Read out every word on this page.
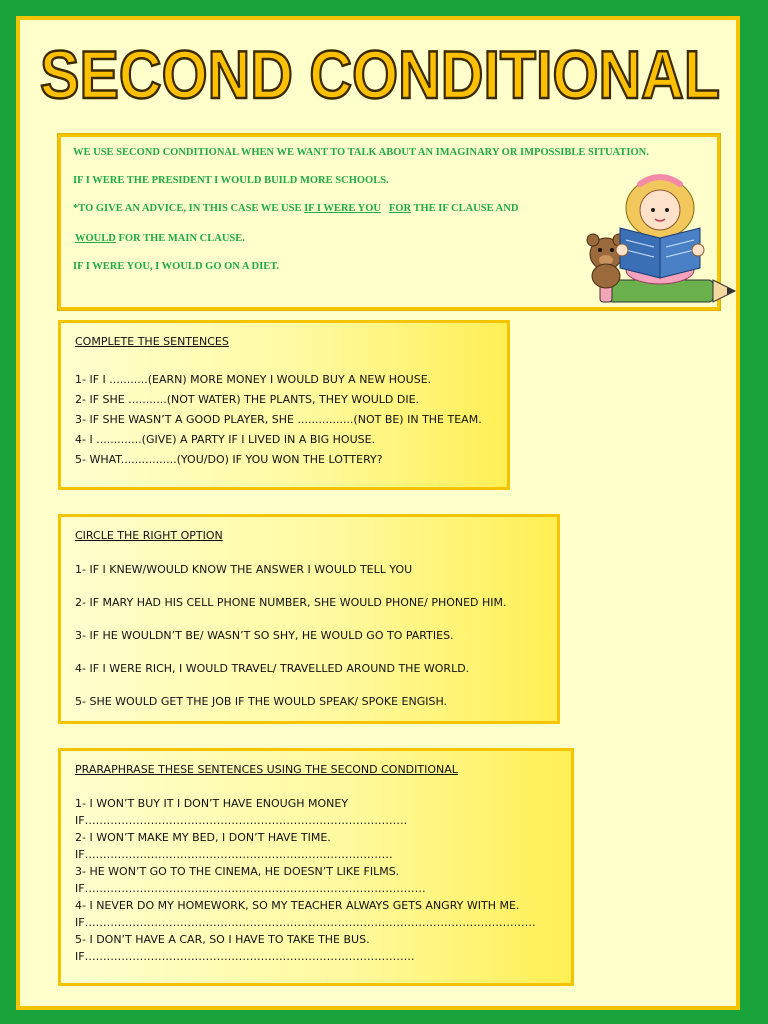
SECOND CONDITIONAL
WE USE SECOND CONDITIONAL WHEN WE WANT TO TALK ABOUT AN IMAGINARY OR IMPOSSIBLE SITUATION.
IF I WERE THE PRESIDENT I WOULD BUILD MORE SCHOOLS.
*TO GIVE AN ADVICE, IN THIS CASE WE USE IF I WERE YOU FOR THE IF CLAUSE AND
WOULD FOR THE MAIN CLAUSE.
IF I WERE YOU, I WOULD GO ON A DIET.
COMPLETE THE SENTENCES
1- IF I ...........(EARN) MORE MONEY I WOULD BUY A NEW HOUSE.
2- IF SHE ...........(NOT WATER) THE PLANTS, THEY WOULD DIE.
3- IF SHE WASN’T A GOOD PLAYER, SHE ................(NOT BE) IN THE TEAM.
4- I .............(GIVE) A PARTY IF I LIVED IN A BIG HOUSE.
5- WHAT................(YOU/DO) IF YOU WON THE LOTTERY?
CIRCLE THE RIGHT OPTION
1- IF I KNEW/WOULD KNOW THE ANSWER I WOULD TELL YOU
2- IF MARY HAD HIS CELL PHONE NUMBER, SHE WOULD PHONE/ PHONED HIM.
3- IF HE WOULDN’T BE/ WASN’T SO SHY, HE WOULD GO TO PARTIES.
4- IF I WERE RICH, I WOULD TRAVEL/ TRAVELLED AROUND THE WORLD.
5- SHE WOULD GET THE JOB IF THE WOULD SPEAK/ SPOKE ENGISH.
PRARAPHRASE THESE SENTENCES USING THE SECOND CONDITIONAL
1- I WON’T BUY IT I DON’T HAVE ENOUGH MONEY
IF…………………………………………………………………………….
2- I WON’T MAKE MY BED, I DON’T HAVE TIME.
IF…………………………………………………………………………
3- HE WON’T GO TO THE CINEMA, HE DOESN’T LIKE FILMS.
IF…………………………………………………………………………………
4- I NEVER DO MY HOMEWORK, SO MY TEACHER ALWAYS GETS ANGRY WITH ME.
IF……………………………………………………………………………………………………………
5- I DON’T HAVE A CAR, SO I HAVE TO TAKE THE BUS.
IF………………………………………………………………………………
